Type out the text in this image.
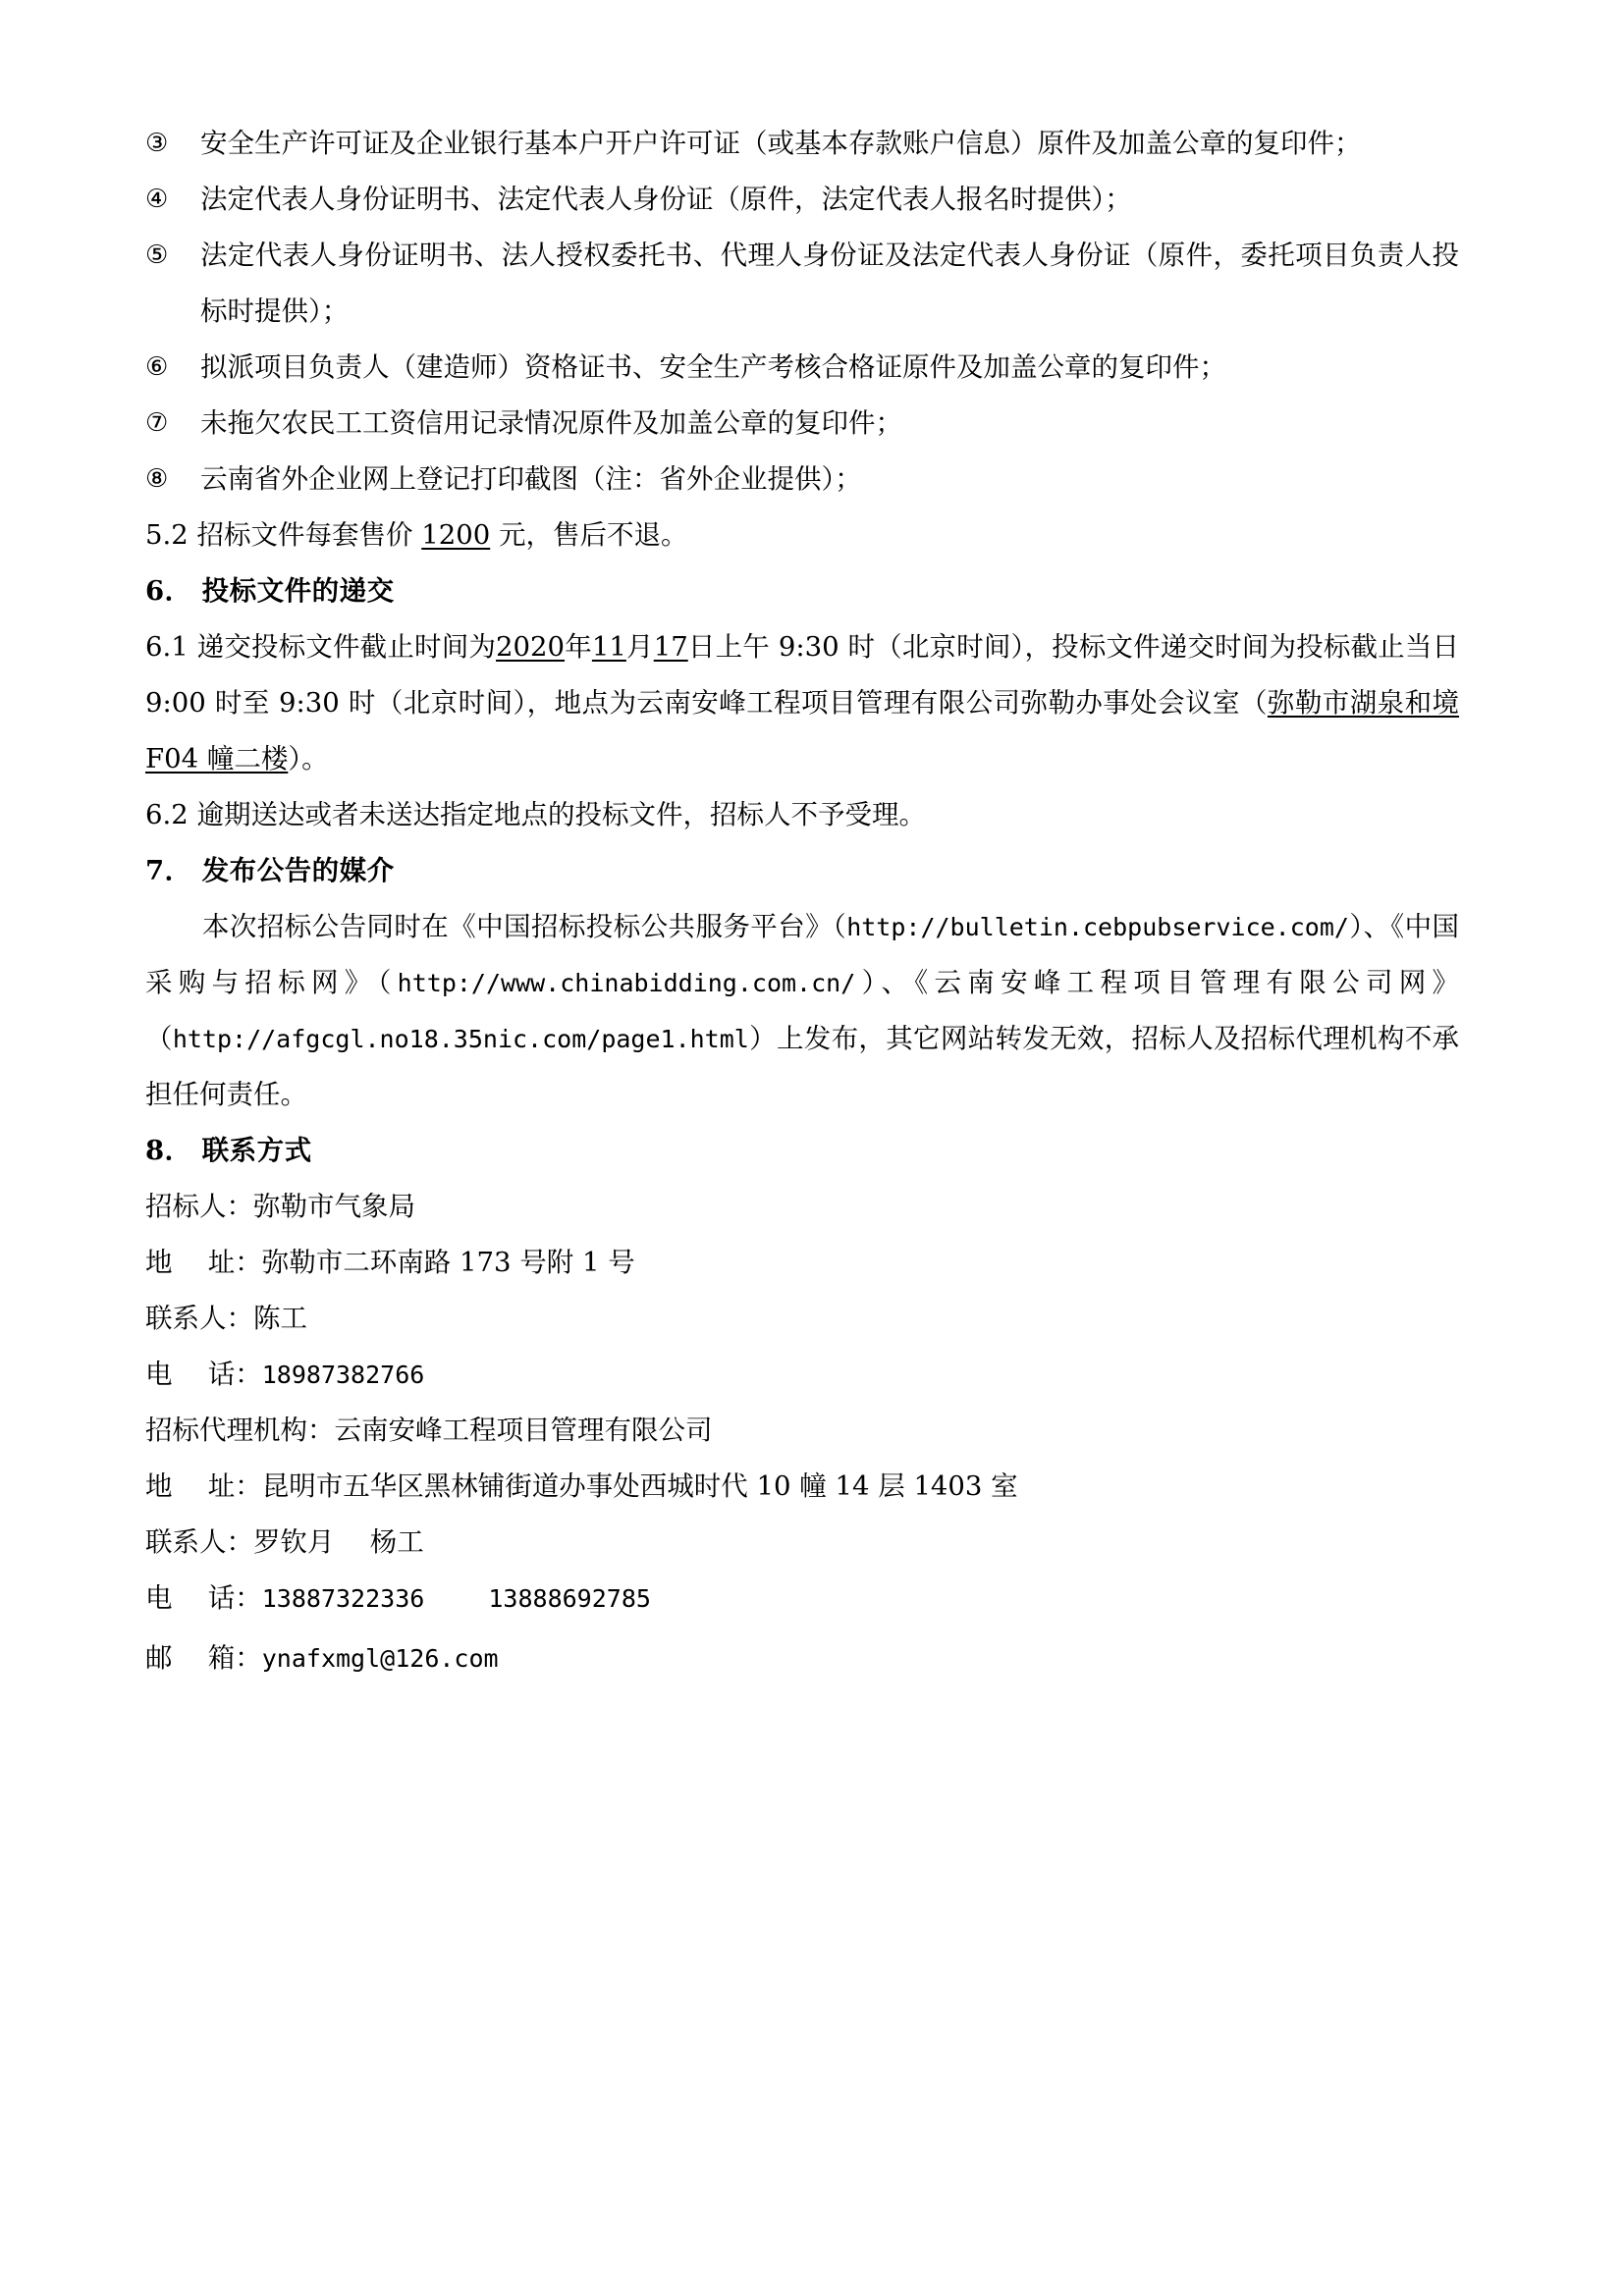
③	安全生产许可证及企业银行基本户开户许可证（或基本存款账户信息）原件及加盖公章的复印件；
④	法定代表人身份证明书、法定代表人身份证（原件，法定代表人报名时提供）；
⑤	法定代表人身份证明书、法人授权委托书、代理人身份证及法定代表人身份证（原件，委托项目负责人投标时提供）；
⑥	拟派项目负责人（建造师）资格证书、安全生产考核合格证原件及加盖公章的复印件；
⑦	未拖欠农民工工资信用记录情况原件及加盖公章的复印件；
⑧	云南省外企业网上登记打印截图（注：省外企业提供）；
5.2 招标文件每套售价 1200 元，售后不退。
6． 投标文件的递交
6.1 递交投标文件截止时间为2020年11月17日上午 9:30 时（北京时间），投标文件递交时间为投标截止当日 9:00 时至 9:30 时（北京时间），地点为云南安峰工程项目管理有限公司弥勒办事处会议室（弥勒市湖泉和境 F04 幢二楼）。
6.2 逾期送达或者未送达指定地点的投标文件，招标人不予受理。
7． 发布公告的媒介
本次招标公告同时在《中国招标投标公共服务平台》（http://bulletin.cebpubservice.com/）、《中国采购与招标网》（http://www.chinabidding.com.cn/）、《云南安峰工程项目管理有限公司网》（http://afgcgl.no18.35nic.com/page1.html）上发布，其它网站转发无效，招标人及招标代理机构不承担任何责任。
8． 联系方式
招标人： 弥勒市气象局
地　 址： 弥勒市二环南路 173 号附 1 号
联系人： 陈工
电　 话： 18987382766
招标代理机构： 云南安峰工程项目管理有限公司
地　 址： 昆明市五华区黑林铺街道办事处西城时代 10 幢 14 层 1403 室
联系人： 罗钦月　 杨工
电　 话： 13887322336　　 13888692785
邮　 箱： ynafxmgl@126.com
